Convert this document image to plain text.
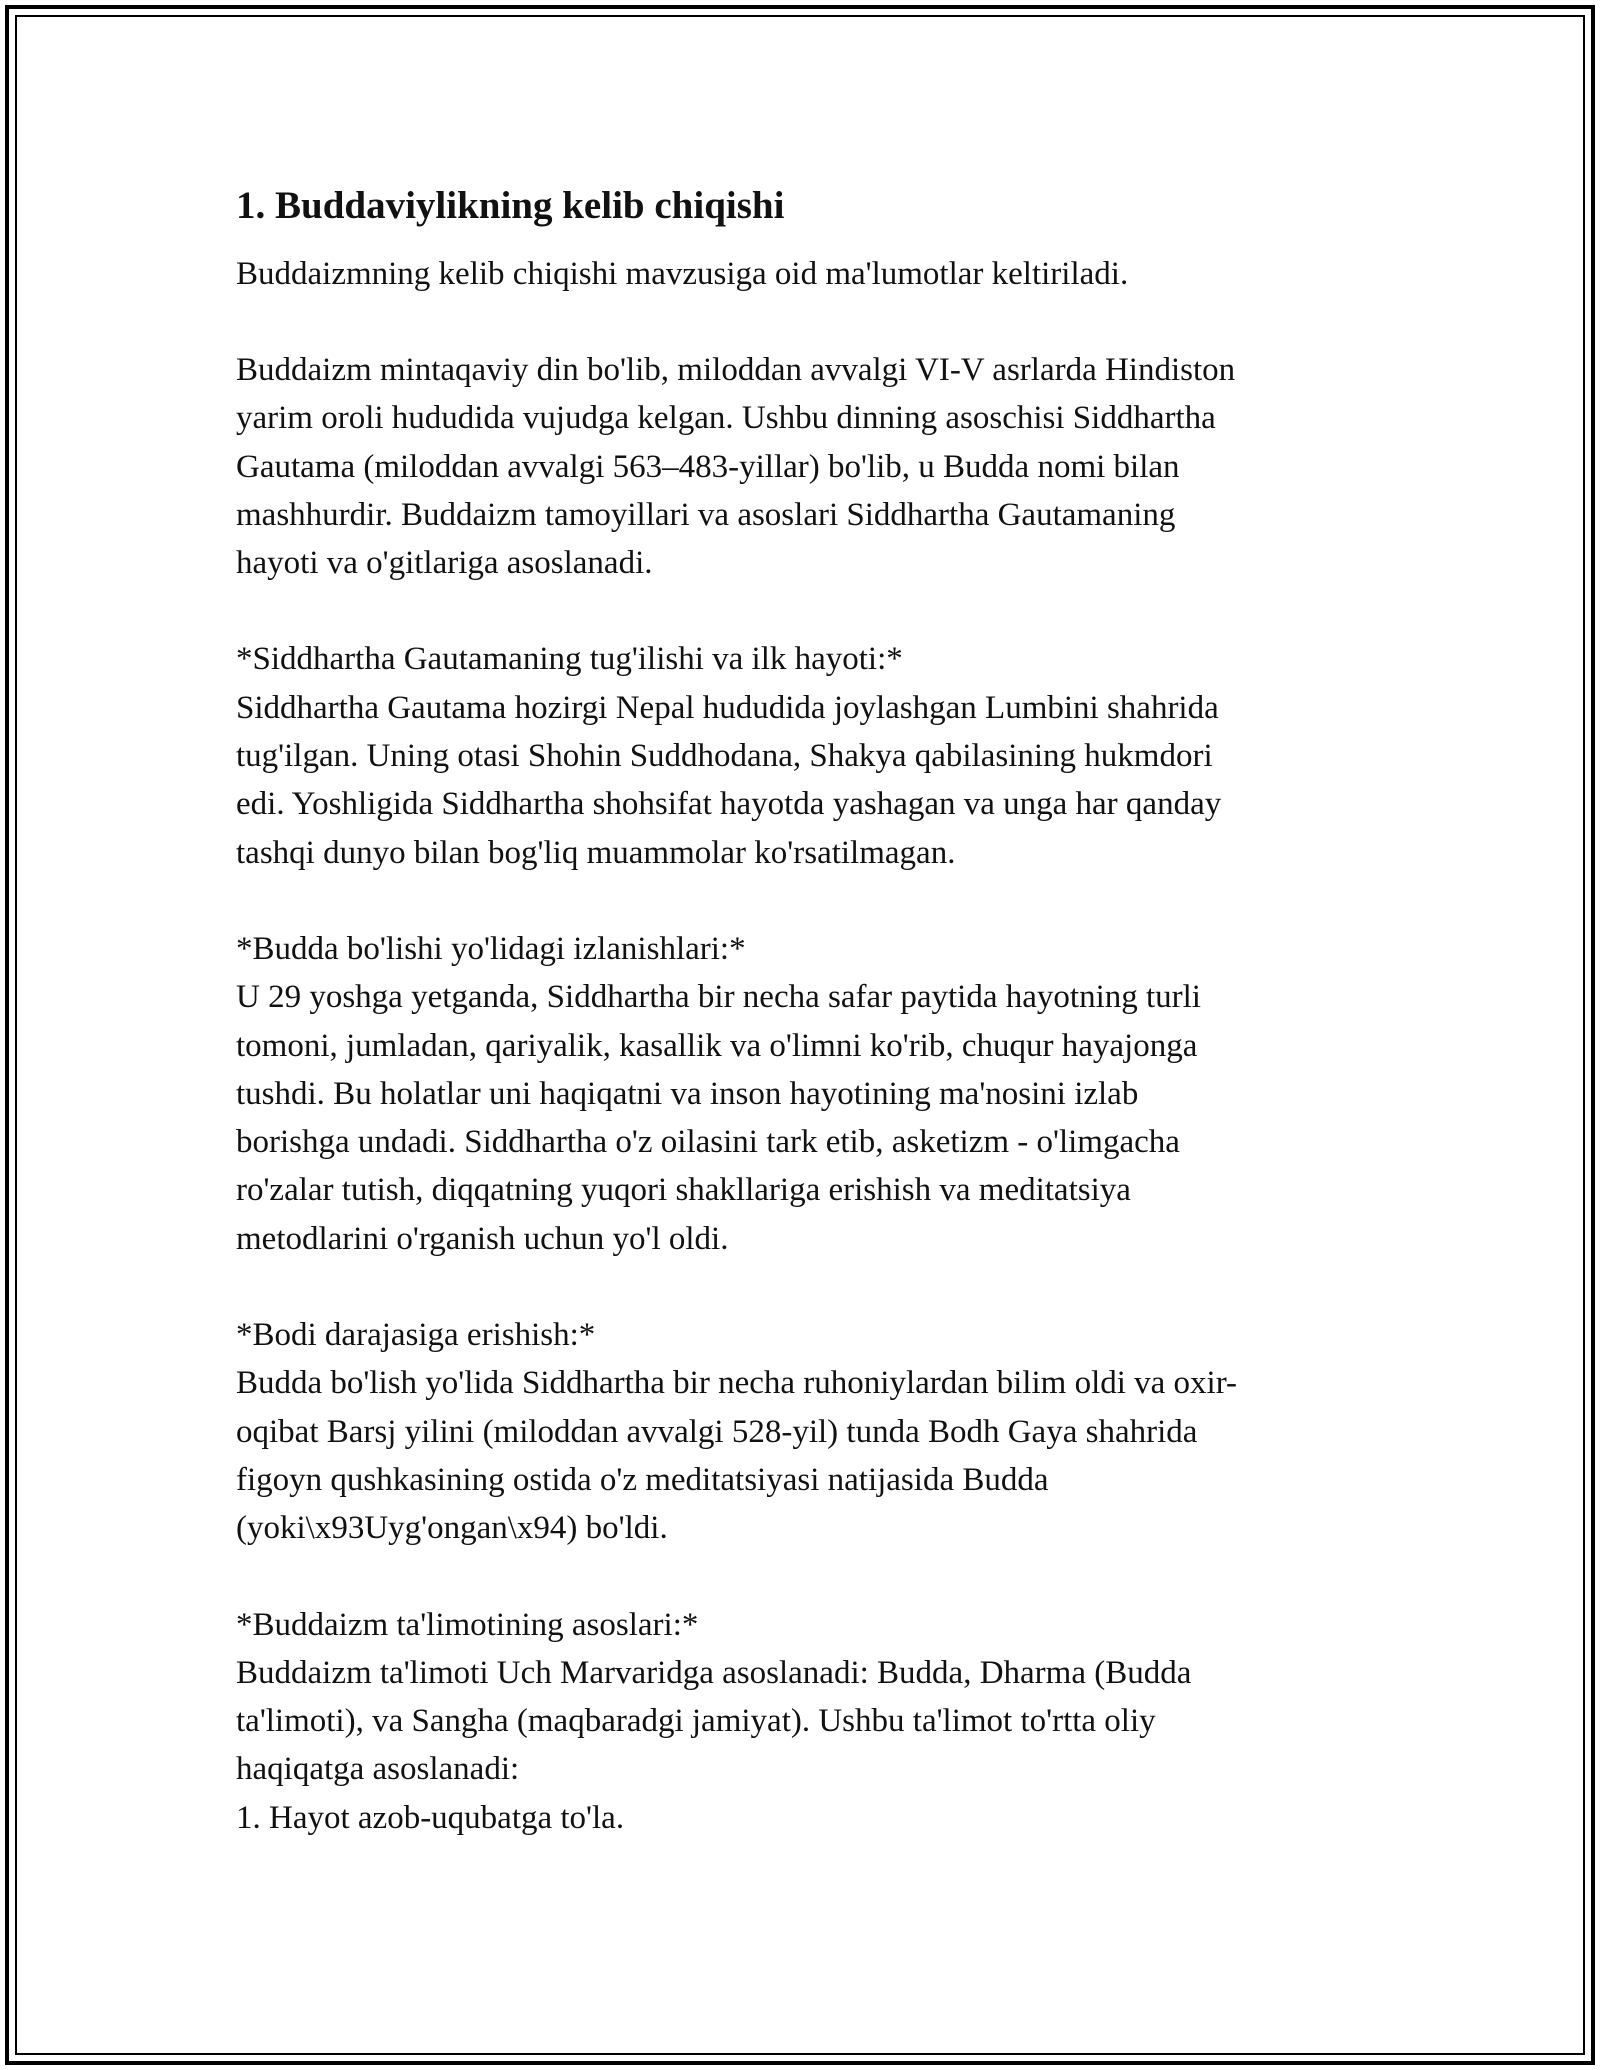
1. Buddaviylikning kelib chiqishi

Buddaizmning kelib chiqishi mavzusiga oid ma'lumotlar keltiriladi.

Buddaizm mintaqaviy din bo'lib, miloddan avvalgi VI-V asrlarda Hindiston
yarim oroli hududida vujudga kelgan. Ushbu dinning asoschisi Siddhartha
Gautama (miloddan avvalgi 563–483-yillar) bo'lib, u Budda nomi bilan
mashhurdir. Buddaizm tamoyillari va asoslari Siddhartha Gautamaning
hayoti va o'gitlariga asoslanadi.

*Siddhartha Gautamaning tug'ilishi va ilk hayoti:*
Siddhartha Gautama hozirgi Nepal hududida joylashgan Lumbini shahrida
tug'ilgan. Uning otasi Shohin Suddhodana, Shakya qabilasining hukmdori
edi. Yoshligida Siddhartha shohsifat hayotda yashagan va unga har qanday
tashqi dunyo bilan bog'liq muammolar ko'rsatilmagan.

*Budda bo'lishi yo'lidagi izlanishlari:*
U 29 yoshga yetganda, Siddhartha bir necha safar paytida hayotning turli
tomoni, jumladan, qariyalik, kasallik va o'limni ko'rib, chuqur hayajonga
tushdi. Bu holatlar uni haqiqatni va inson hayotining ma'nosini izlab
borishga undadi. Siddhartha o'z oilasini tark etib, asketizm - o'limgacha
ro'zalar tutish, diqqatning yuqori shakllariga erishish va meditatsiya
metodlarini o'rganish uchun yo'l oldi.

*Bodi darajasiga erishish:*
Budda bo'lish yo'lida Siddhartha bir necha ruhoniylardan bilim oldi va oxir-
oqibat Barsj yilini (miloddan avvalgi 528-yil) tunda Bodh Gaya shahrida
figoyn qushkasining ostida o'z meditatsiyasi natijasida Budda
(yoki\x93Uyg'ongan\x94) bo'ldi.

*Buddaizm ta'limotining asoslari:*
Buddaizm ta'limoti Uch Marvaridga asoslanadi: Budda, Dharma (Budda
ta'limoti), va Sangha (maqbaradgi jamiyat). Ushbu ta'limot to'rtta oliy
haqiqatga asoslanadi:
1. Hayot azob-uqubatga to'la.
